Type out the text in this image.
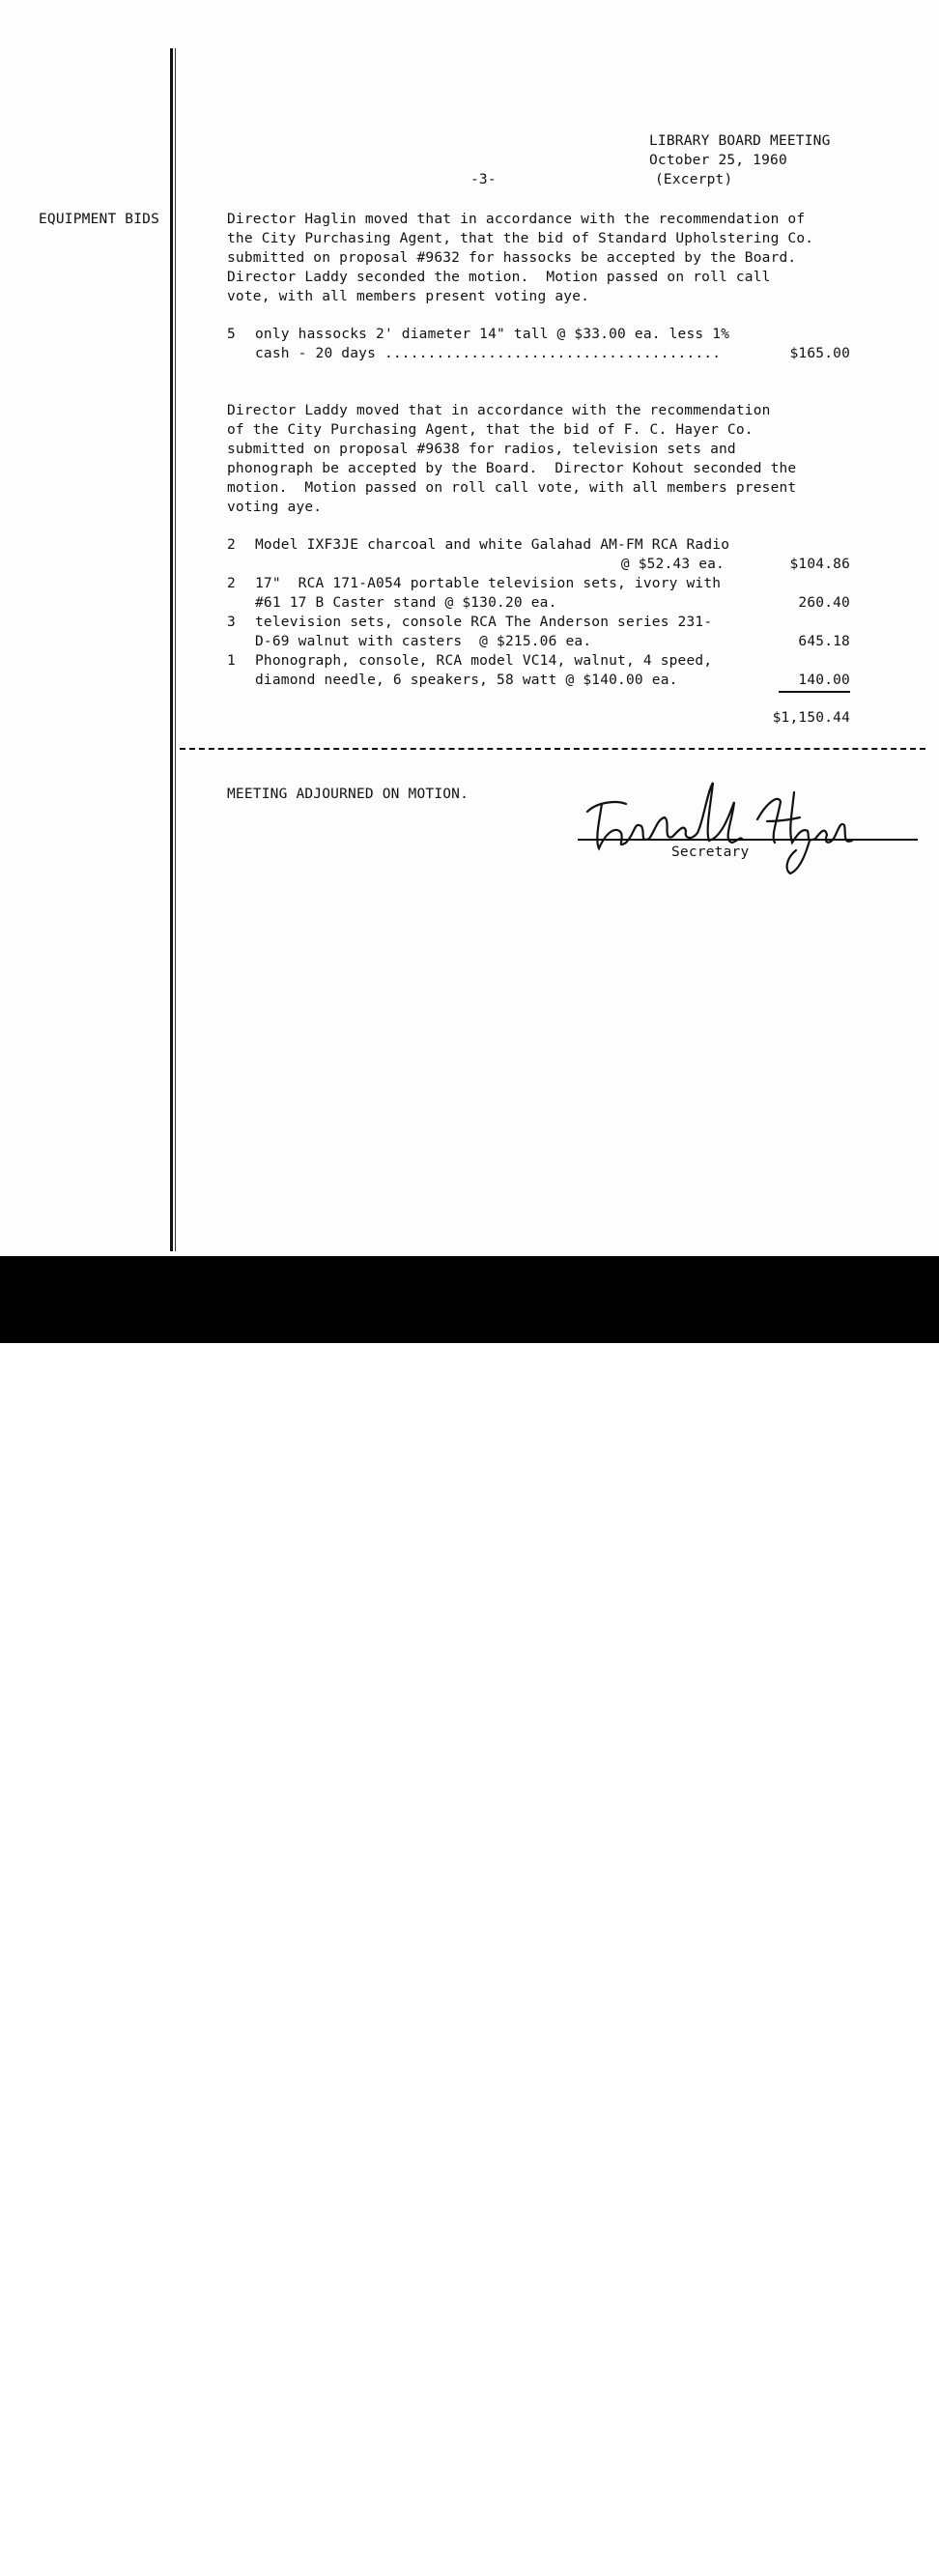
LIBRARY BOARD MEETING
October 25, 1960
(Excerpt)
-3-
EQUIPMENT BIDS	Director Haglin moved that in accordance with the recommendation of
the City Purchasing Agent, that the bid of Standard Upholstering Co.
submitted on proposal #9632 for hassocks be accepted by the Board.
Director Laddy seconded the motion.  Motion passed on roll call
vote, with all members present voting aye.
5 only hassocks 2' diameter 14" tall @ $33.00 ea. less 1%
cash - 20 days .......................................	$165.00
Director Laddy moved that in accordance with the recommendation
of the City Purchasing Agent, that the bid of F. C. Hayer Co.
submitted on proposal #9638 for radios, television sets and
phonograph be accepted by the Board.  Director Kohout seconded the
motion.  Motion passed on roll call vote, with all members present
voting aye.
2 Model IXF3JE charcoal and white Galahad AM-FM RCA Radio
@ $52.43 ea.	$104.86
2 17"  RCA 171-A054 portable television sets, ivory with
#61 17 B Caster stand @ $130.20 ea.	260.40
3 television sets, console RCA The Anderson series 231-
D-69 walnut with casters  @ $215.06 ea.	645.18
1 Phonograph, console, RCA model VC14, walnut, 4 speed,
diamond needle, 6 speakers, 58 watt @ $140.00 ea.	140.00
$1,150.44
MEETING ADJOURNED ON MOTION.
Secretary
alamy	Image ID: 3A5NH83
www.alamy.com
